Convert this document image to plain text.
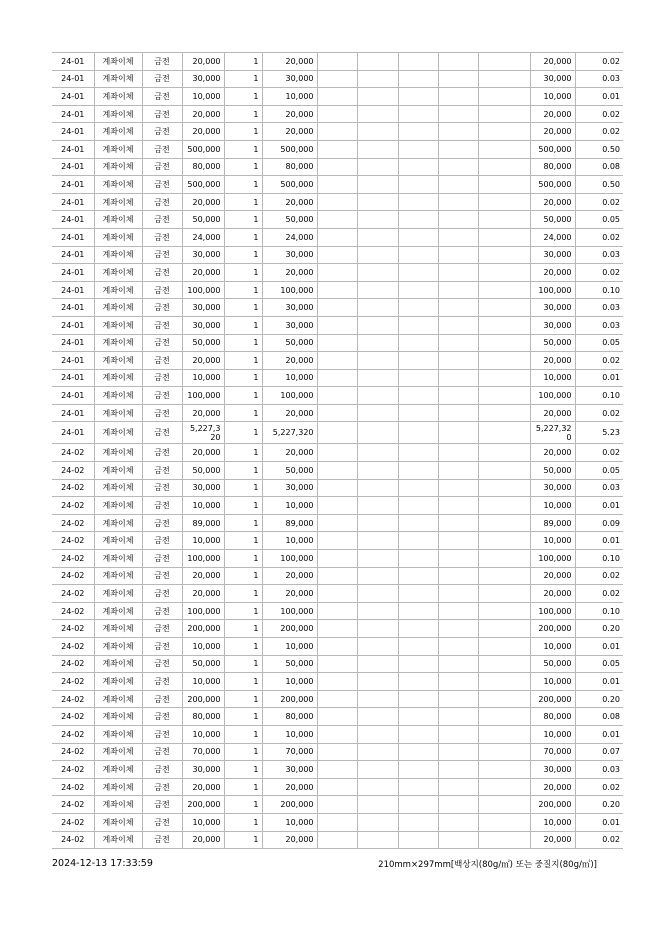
24-01	계좌이체	금전	20,000	1	20,000						20,000	0.02
24-01	계좌이체	금전	30,000	1	30,000						30,000	0.03
24-01	계좌이체	금전	10,000	1	10,000						10,000	0.01
24-01	계좌이체	금전	20,000	1	20,000						20,000	0.02
24-01	계좌이체	금전	20,000	1	20,000						20,000	0.02
24-01	계좌이체	금전	500,000	1	500,000						500,000	0.50
24-01	계좌이체	금전	80,000	1	80,000						80,000	0.08
24-01	계좌이체	금전	500,000	1	500,000						500,000	0.50
24-01	계좌이체	금전	20,000	1	20,000						20,000	0.02
24-01	계좌이체	금전	50,000	1	50,000						50,000	0.05
24-01	계좌이체	금전	24,000	1	24,000						24,000	0.02
24-01	계좌이체	금전	30,000	1	30,000						30,000	0.03
24-01	계좌이체	금전	20,000	1	20,000						20,000	0.02
24-01	계좌이체	금전	100,000	1	100,000						100,000	0.10
24-01	계좌이체	금전	30,000	1	30,000						30,000	0.03
24-01	계좌이체	금전	30,000	1	30,000						30,000	0.03
24-01	계좌이체	금전	50,000	1	50,000						50,000	0.05
24-01	계좌이체	금전	20,000	1	20,000						20,000	0.02
24-01	계좌이체	금전	10,000	1	10,000						10,000	0.01
24-01	계좌이체	금전	100,000	1	100,000						100,000	0.10
24-01	계좌이체	금전	20,000	1	20,000						20,000	0.02
24-01	계좌이체	금전	5,227,320	1	5,227,320						5,227,320	5.23
24-02	계좌이체	금전	20,000	1	20,000						20,000	0.02
24-02	계좌이체	금전	50,000	1	50,000						50,000	0.05
24-02	계좌이체	금전	30,000	1	30,000						30,000	0.03
24-02	계좌이체	금전	10,000	1	10,000						10,000	0.01
24-02	계좌이체	금전	89,000	1	89,000						89,000	0.09
24-02	계좌이체	금전	10,000	1	10,000						10,000	0.01
24-02	계좌이체	금전	100,000	1	100,000						100,000	0.10
24-02	계좌이체	금전	20,000	1	20,000						20,000	0.02
24-02	계좌이체	금전	20,000	1	20,000						20,000	0.02
24-02	계좌이체	금전	100,000	1	100,000						100,000	0.10
24-02	계좌이체	금전	200,000	1	200,000						200,000	0.20
24-02	계좌이체	금전	10,000	1	10,000						10,000	0.01
24-02	계좌이체	금전	50,000	1	50,000						50,000	0.05
24-02	계좌이체	금전	10,000	1	10,000						10,000	0.01
24-02	계좌이체	금전	200,000	1	200,000						200,000	0.20
24-02	계좌이체	금전	80,000	1	80,000						80,000	0.08
24-02	계좌이체	금전	10,000	1	10,000						10,000	0.01
24-02	계좌이체	금전	70,000	1	70,000						70,000	0.07
24-02	계좌이체	금전	30,000	1	30,000						30,000	0.03
24-02	계좌이체	금전	20,000	1	20,000						20,000	0.02
24-02	계좌이체	금전	200,000	1	200,000						200,000	0.20
24-02	계좌이체	금전	10,000	1	10,000						10,000	0.01
24-02	계좌이체	금전	20,000	1	20,000						20,000	0.02
2024-12-13 17:33:59	210mm×297mm[백상지(80g/㎡) 또는 중질지(80g/㎡)]
